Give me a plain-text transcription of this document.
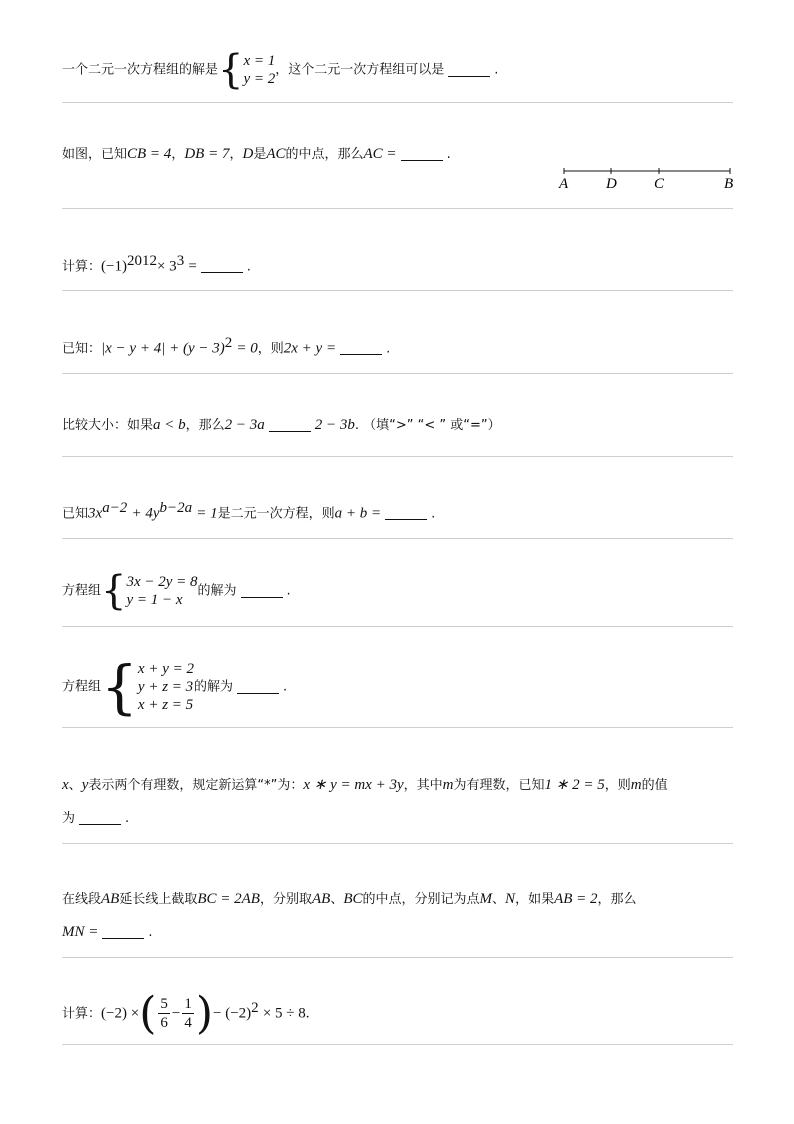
一个二元一次方程组的解是 { x = 1
y = 2
，这个二元一次方程组可以是	.
如图，已知CB = 4，DB = 7，D是AC的中点，那么AC =	.
A	D C	B
计算：$(-1)^{2012}\times 3^3$ =	.
已知：$|x - y + 4| + (y - 3)^2 = 0$，则2x + y =	.
比较大小：如果a < b，那么2 − 3a	2 − 3b. （填“>” “< ” 或“=”）
已知$3x^{a-2} + 4y^{b-2a} = 1$是二元一次方程，则a + b =	.
方程组 { 3x − 2y = 8
y = 1 − x
的解为	.
方程组 { x + y = 2
y + z = 3
x + z = 5
的解为	.
x、y表示两个有理数，规定新运算“*”为：x ∗ y = mx + 3y，其中m为有理数，已知1 ∗ 2 = 5，则m的值
为	.
在线段AB延长线上截取BC = 2AB，分别取AB、BC的中点，分别记为点M、N，如果AB = 2，那么
MN =	.
计算：(−2) ×( $\frac{5}{6} - \frac{1}{4}$ )− $(-2)^2 \times 5 \div 8$.
